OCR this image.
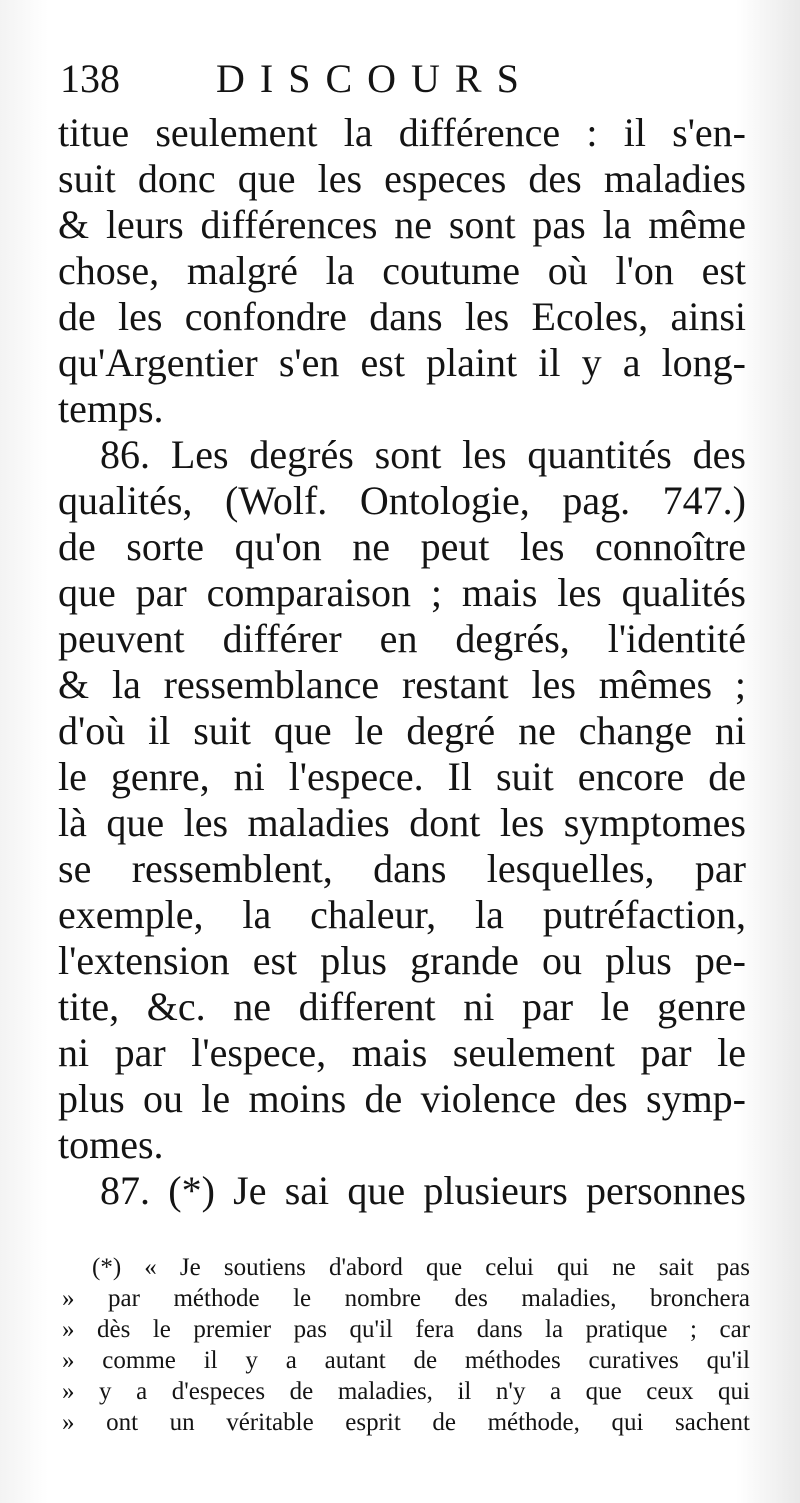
138 DISCOURS
titue seulement la différence : il s'en-
suit donc que les especes des maladies
& leurs différences ne sont pas la même
chose, malgré la coutume où l'on est
de les confondre dans les Ecoles, ainsi
qu'Argentier s'en est plaint il y a long-
temps.
86. Les degrés sont les quantités des
qualités, (Wolf. Ontologie, pag. 747.)
de sorte qu'on ne peut les connoître
que par comparaison ; mais les qualités
peuvent différer en degrés, l'identité
& la ressemblance restant les mêmes ;
d'où il suit que le degré ne change ni
le genre, ni l'espece. Il suit encore de
là que les maladies dont les symptomes
se ressemblent, dans lesquelles, par
exemple, la chaleur, la putréfaction,
l'extension est plus grande ou plus pe-
tite, &c. ne different ni par le genre
ni par l'espece, mais seulement par le
plus ou le moins de violence des symp-
tomes.
87. (*) Je sai que plusieurs personnes
(*) « Je soutiens d'abord que celui qui ne sait pas
» par méthode le nombre des maladies, bronchera
» dès le premier pas qu'il fera dans la pratique ; car
» comme il y a autant de méthodes curatives qu'il
» y a d'especes de maladies, il n'y a que ceux qui
» ont un véritable esprit de méthode, qui sachent
